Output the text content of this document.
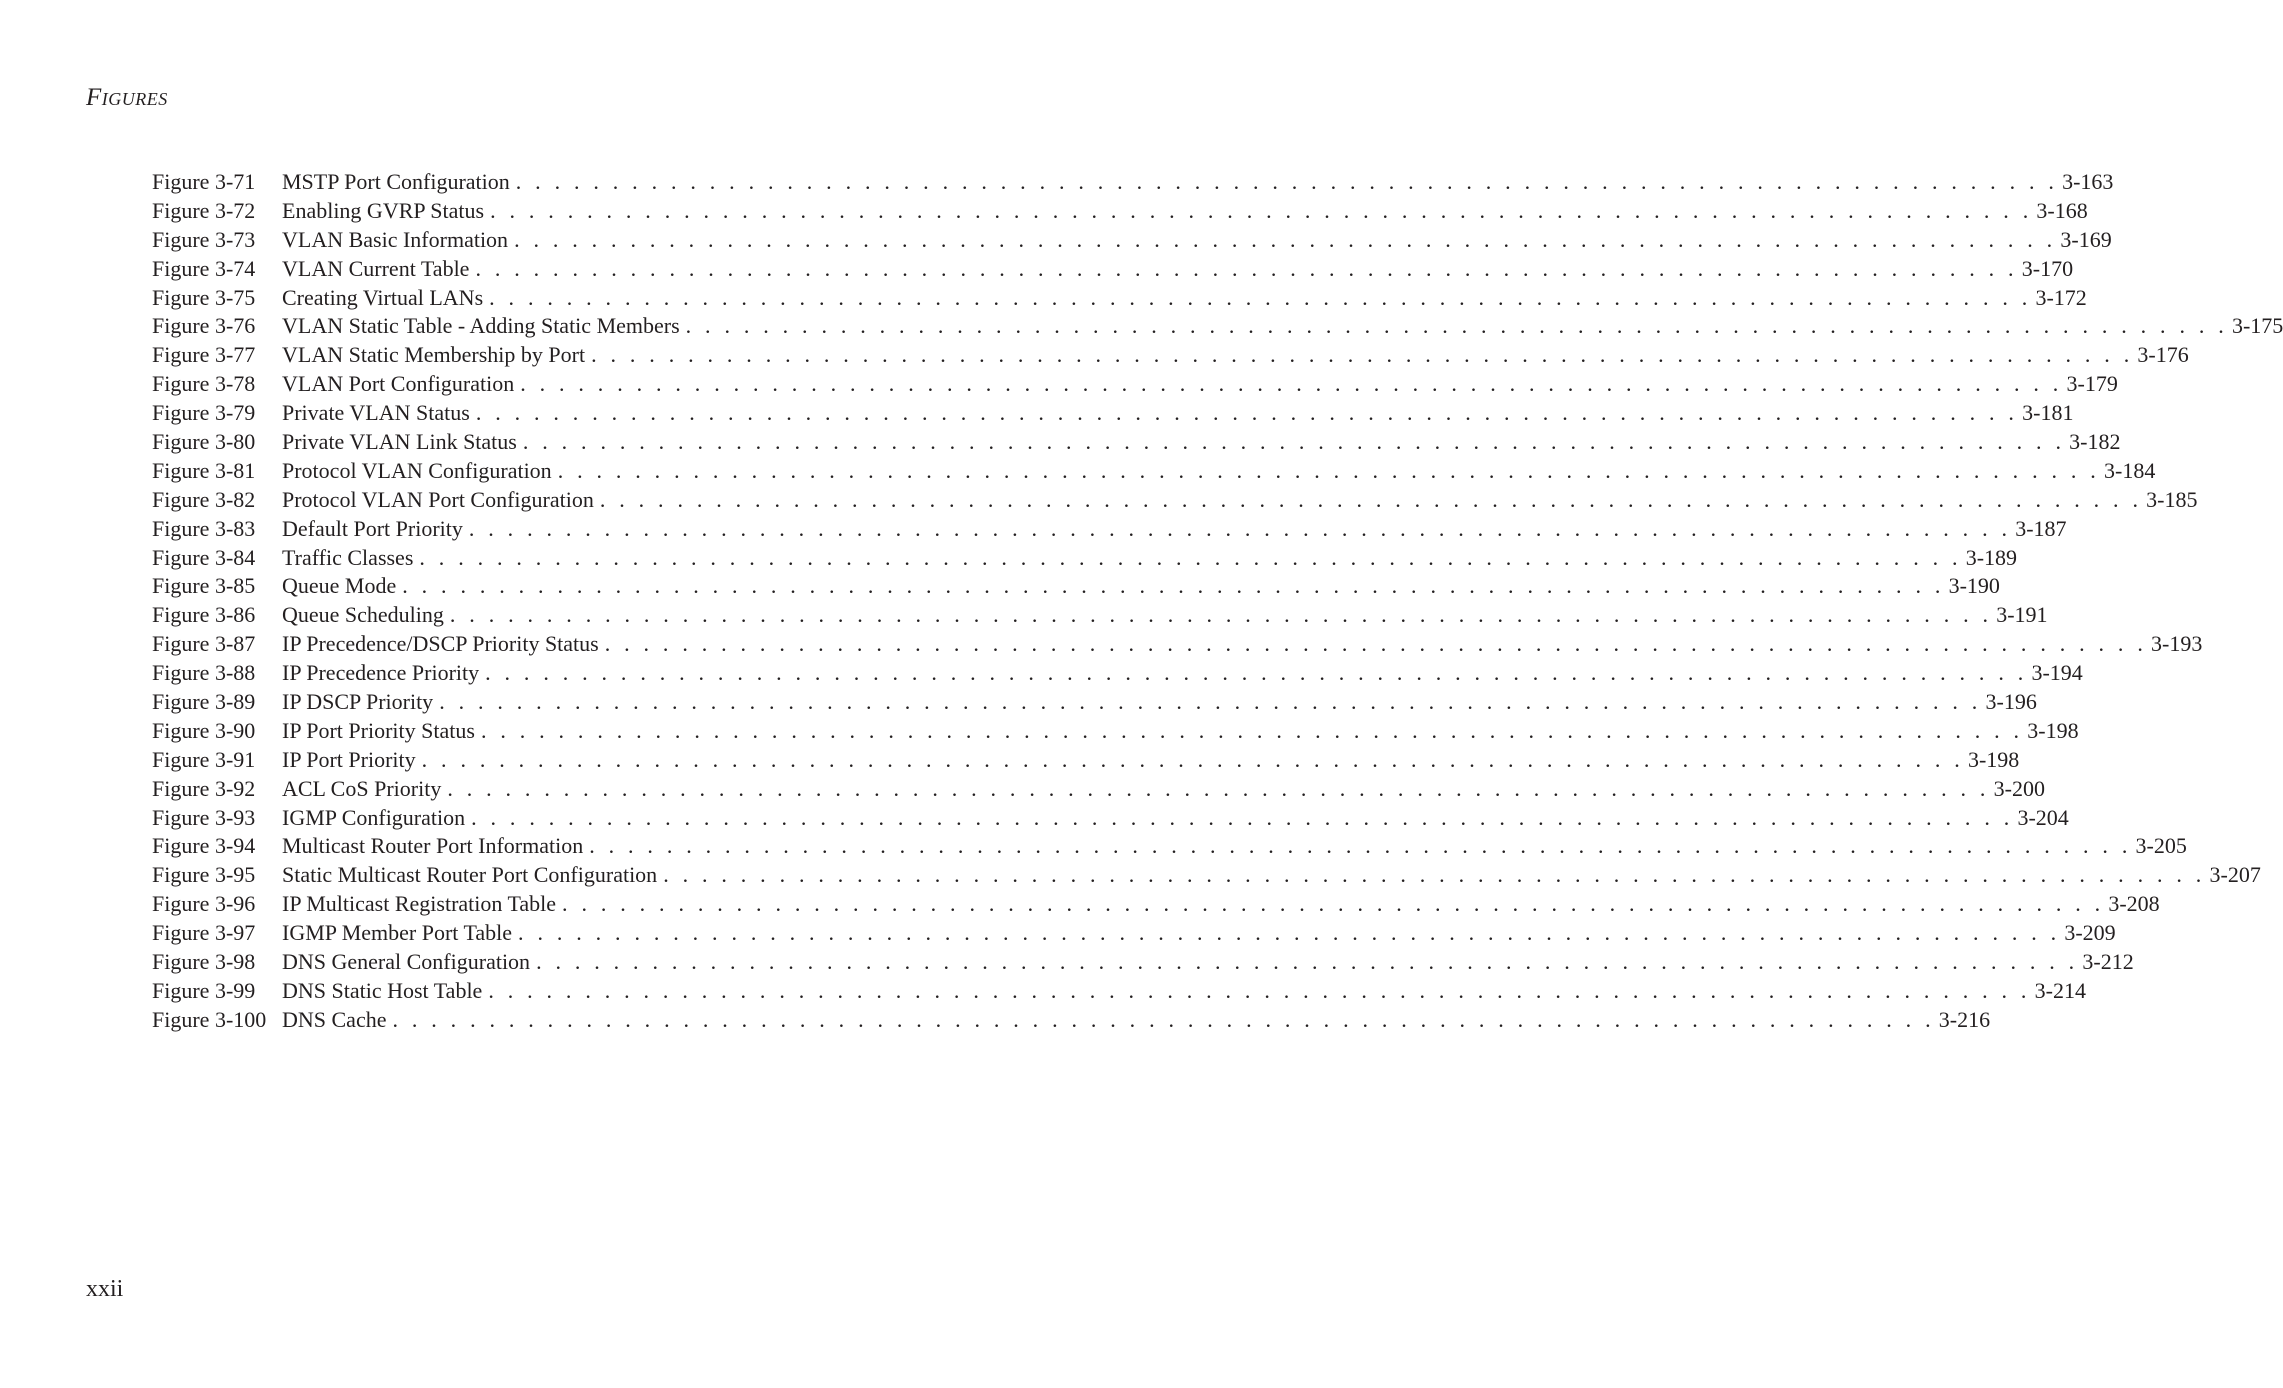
Figures
Figure 3-71	MSTP Port Configuration . . . . . . . . . . . . . . . . . . . . . . . . . . . . . . . . . . . . . . . . . . . . . . . . . . . . . . . . . . . . . . . . . . . . . . . . . . . . . . . . 3-163
Figure 3-72	Enabling GVRP Status . . . . . . . . . . . . . . . . . . . . . . . . . . . . . . . . . . . . . . . . . . . . . . . . . . . . . . . . . . . . . . . . . . . . . . . . . . . . . . . . 3-168
Figure 3-73	VLAN Basic Information . . . . . . . . . . . . . . . . . . . . . . . . . . . . . . . . . . . . . . . . . . . . . . . . . . . . . . . . . . . . . . . . . . . . . . . . . . . . . . . . 3-169
Figure 3-74	VLAN Current Table . . . . . . . . . . . . . . . . . . . . . . . . . . . . . . . . . . . . . . . . . . . . . . . . . . . . . . . . . . . . . . . . . . . . . . . . . . . . . . . . 3-170
Figure 3-75	Creating Virtual LANs . . . . . . . . . . . . . . . . . . . . . . . . . . . . . . . . . . . . . . . . . . . . . . . . . . . . . . . . . . . . . . . . . . . . . . . . . . . . . . . . 3-172
Figure 3-76	VLAN Static Table - Adding Static Members . . . . . . . . . . . . . . . . . . . . . . . . . . . . . . . . . . . . . . . . . . . . . . . . . . . . . . . . . . . . . . . . . . . . . . . . . . . . . . . . 3-175
Figure 3-77	VLAN Static Membership by Port . . . . . . . . . . . . . . . . . . . . . . . . . . . . . . . . . . . . . . . . . . . . . . . . . . . . . . . . . . . . . . . . . . . . . . . . . . . . . . . . 3-176
Figure 3-78	VLAN Port Configuration . . . . . . . . . . . . . . . . . . . . . . . . . . . . . . . . . . . . . . . . . . . . . . . . . . . . . . . . . . . . . . . . . . . . . . . . . . . . . . . . 3-179
Figure 3-79	Private VLAN Status . . . . . . . . . . . . . . . . . . . . . . . . . . . . . . . . . . . . . . . . . . . . . . . . . . . . . . . . . . . . . . . . . . . . . . . . . . . . . . . . 3-181
Figure 3-80	Private VLAN Link Status . . . . . . . . . . . . . . . . . . . . . . . . . . . . . . . . . . . . . . . . . . . . . . . . . . . . . . . . . . . . . . . . . . . . . . . . . . . . . . . . 3-182
Figure 3-81	Protocol VLAN Configuration . . . . . . . . . . . . . . . . . . . . . . . . . . . . . . . . . . . . . . . . . . . . . . . . . . . . . . . . . . . . . . . . . . . . . . . . . . . . . . . . 3-184
Figure 3-82	Protocol VLAN Port Configuration . . . . . . . . . . . . . . . . . . . . . . . . . . . . . . . . . . . . . . . . . . . . . . . . . . . . . . . . . . . . . . . . . . . . . . . . . . . . . . . . 3-185
Figure 3-83	Default Port Priority . . . . . . . . . . . . . . . . . . . . . . . . . . . . . . . . . . . . . . . . . . . . . . . . . . . . . . . . . . . . . . . . . . . . . . . . . . . . . . . . 3-187
Figure 3-84	Traffic Classes . . . . . . . . . . . . . . . . . . . . . . . . . . . . . . . . . . . . . . . . . . . . . . . . . . . . . . . . . . . . . . . . . . . . . . . . . . . . . . . . 3-189
Figure 3-85	Queue Mode . . . . . . . . . . . . . . . . . . . . . . . . . . . . . . . . . . . . . . . . . . . . . . . . . . . . . . . . . . . . . . . . . . . . . . . . . . . . . . . . 3-190
Figure 3-86	Queue Scheduling . . . . . . . . . . . . . . . . . . . . . . . . . . . . . . . . . . . . . . . . . . . . . . . . . . . . . . . . . . . . . . . . . . . . . . . . . . . . . . . . 3-191
Figure 3-87	IP Precedence/DSCP Priority Status . . . . . . . . . . . . . . . . . . . . . . . . . . . . . . . . . . . . . . . . . . . . . . . . . . . . . . . . . . . . . . . . . . . . . . . . . . . . . . . . 3-193
Figure 3-88	IP Precedence Priority . . . . . . . . . . . . . . . . . . . . . . . . . . . . . . . . . . . . . . . . . . . . . . . . . . . . . . . . . . . . . . . . . . . . . . . . . . . . . . . . 3-194
Figure 3-89	IP DSCP Priority . . . . . . . . . . . . . . . . . . . . . . . . . . . . . . . . . . . . . . . . . . . . . . . . . . . . . . . . . . . . . . . . . . . . . . . . . . . . . . . . 3-196
Figure 3-90	IP Port Priority Status . . . . . . . . . . . . . . . . . . . . . . . . . . . . . . . . . . . . . . . . . . . . . . . . . . . . . . . . . . . . . . . . . . . . . . . . . . . . . . . . 3-198
Figure 3-91	IP Port Priority . . . . . . . . . . . . . . . . . . . . . . . . . . . . . . . . . . . . . . . . . . . . . . . . . . . . . . . . . . . . . . . . . . . . . . . . . . . . . . . . 3-198
Figure 3-92	ACL CoS Priority . . . . . . . . . . . . . . . . . . . . . . . . . . . . . . . . . . . . . . . . . . . . . . . . . . . . . . . . . . . . . . . . . . . . . . . . . . . . . . . . 3-200
Figure 3-93	IGMP Configuration . . . . . . . . . . . . . . . . . . . . . . . . . . . . . . . . . . . . . . . . . . . . . . . . . . . . . . . . . . . . . . . . . . . . . . . . . . . . . . . . 3-204
Figure 3-94	Multicast Router Port Information . . . . . . . . . . . . . . . . . . . . . . . . . . . . . . . . . . . . . . . . . . . . . . . . . . . . . . . . . . . . . . . . . . . . . . . . . . . . . . . . 3-205
Figure 3-95	Static Multicast Router Port Configuration . . . . . . . . . . . . . . . . . . . . . . . . . . . . . . . . . . . . . . . . . . . . . . . . . . . . . . . . . . . . . . . . . . . . . . . . . . . . . . . . 3-207
Figure 3-96	IP Multicast Registration Table . . . . . . . . . . . . . . . . . . . . . . . . . . . . . . . . . . . . . . . . . . . . . . . . . . . . . . . . . . . . . . . . . . . . . . . . . . . . . . . . 3-208
Figure 3-97	IGMP Member Port Table . . . . . . . . . . . . . . . . . . . . . . . . . . . . . . . . . . . . . . . . . . . . . . . . . . . . . . . . . . . . . . . . . . . . . . . . . . . . . . . . 3-209
Figure 3-98	DNS General Configuration . . . . . . . . . . . . . . . . . . . . . . . . . . . . . . . . . . . . . . . . . . . . . . . . . . . . . . . . . . . . . . . . . . . . . . . . . . . . . . . . 3-212
Figure 3-99	DNS Static Host Table . . . . . . . . . . . . . . . . . . . . . . . . . . . . . . . . . . . . . . . . . . . . . . . . . . . . . . . . . . . . . . . . . . . . . . . . . . . . . . . . 3-214
Figure 3-100 DNS Cache . . . . . . . . . . . . . . . . . . . . . . . . . . . . . . . . . . . . . . . . . . . . . . . . . . . . . . . . . . . . . . . . . . . . . . . . . . . . . . . . 3-216
xxii
